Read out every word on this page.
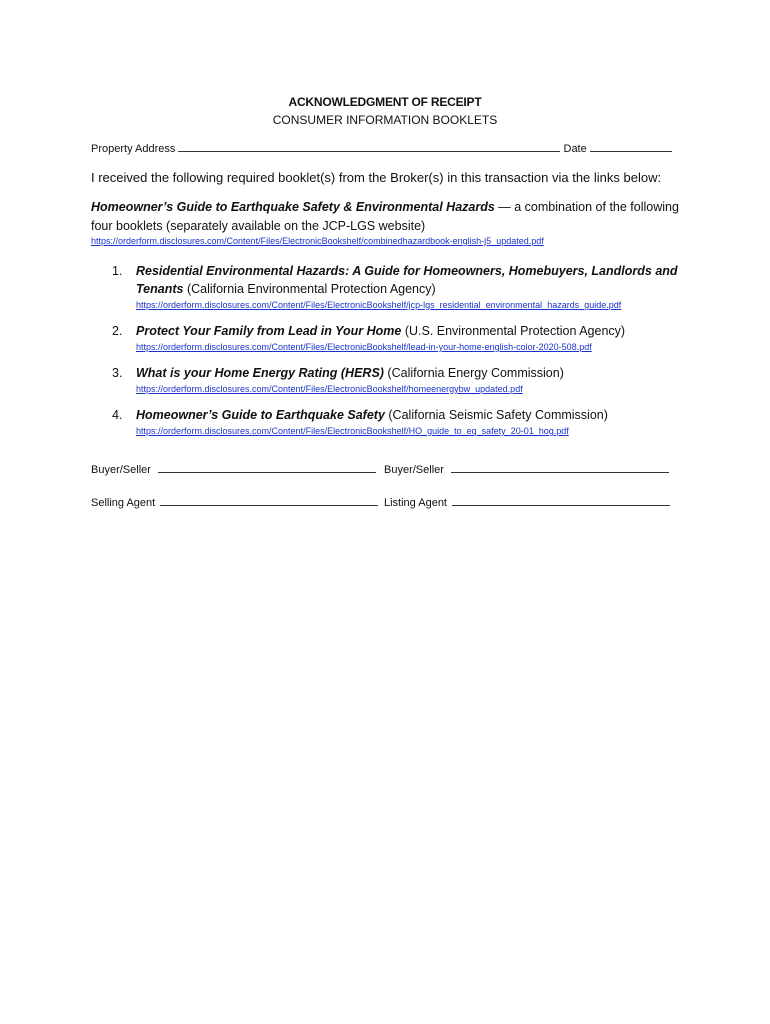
ACKNOWLEDGMENT OF RECEIPT
CONSUMER INFORMATION BOOKLETS
Property Address	Date
I received the following required booklet(s) from the Broker(s) in this transaction via the links below:
Homeowner’s Guide to Earthquake Safety & Environmental Hazards — a combination of the following four booklets (separately available on the JCP-LGS website)
https://orderform.disclosures.com/Content/Files/ElectronicBookshelf/combinedhazardbook-english-j5_updated.pdf
1. Residential Environmental Hazards: A Guide for Homeowners, Homebuyers, Landlords and Tenants (California Environmental Protection Agency)
https://orderform.disclosures.com/Content/Files/ElectronicBookshelf/jcp-lgs_residential_environmental_hazards_guide.pdf
2. Protect Your Family from Lead in Your Home (U.S. Environmental Protection Agency)
https://orderform.disclosures.com/Content/Files/ElectronicBookshelf/lead-in-your-home-english-color-2020-508.pdf
3. What is your Home Energy Rating (HERS) (California Energy Commission)
https://orderform.disclosures.com/Content/Files/ElectronicBookshelf/homeenergybw_updated.pdf
4. Homeowner’s Guide to Earthquake Safety (California Seismic Safety Commission)
https://orderform.disclosures.com/Content/Files/ElectronicBookshelf/HO_guide_to_eq_safety_20-01_hog.pdf
Buyer/Seller	Buyer/Seller
Selling Agent	Listing Agent
